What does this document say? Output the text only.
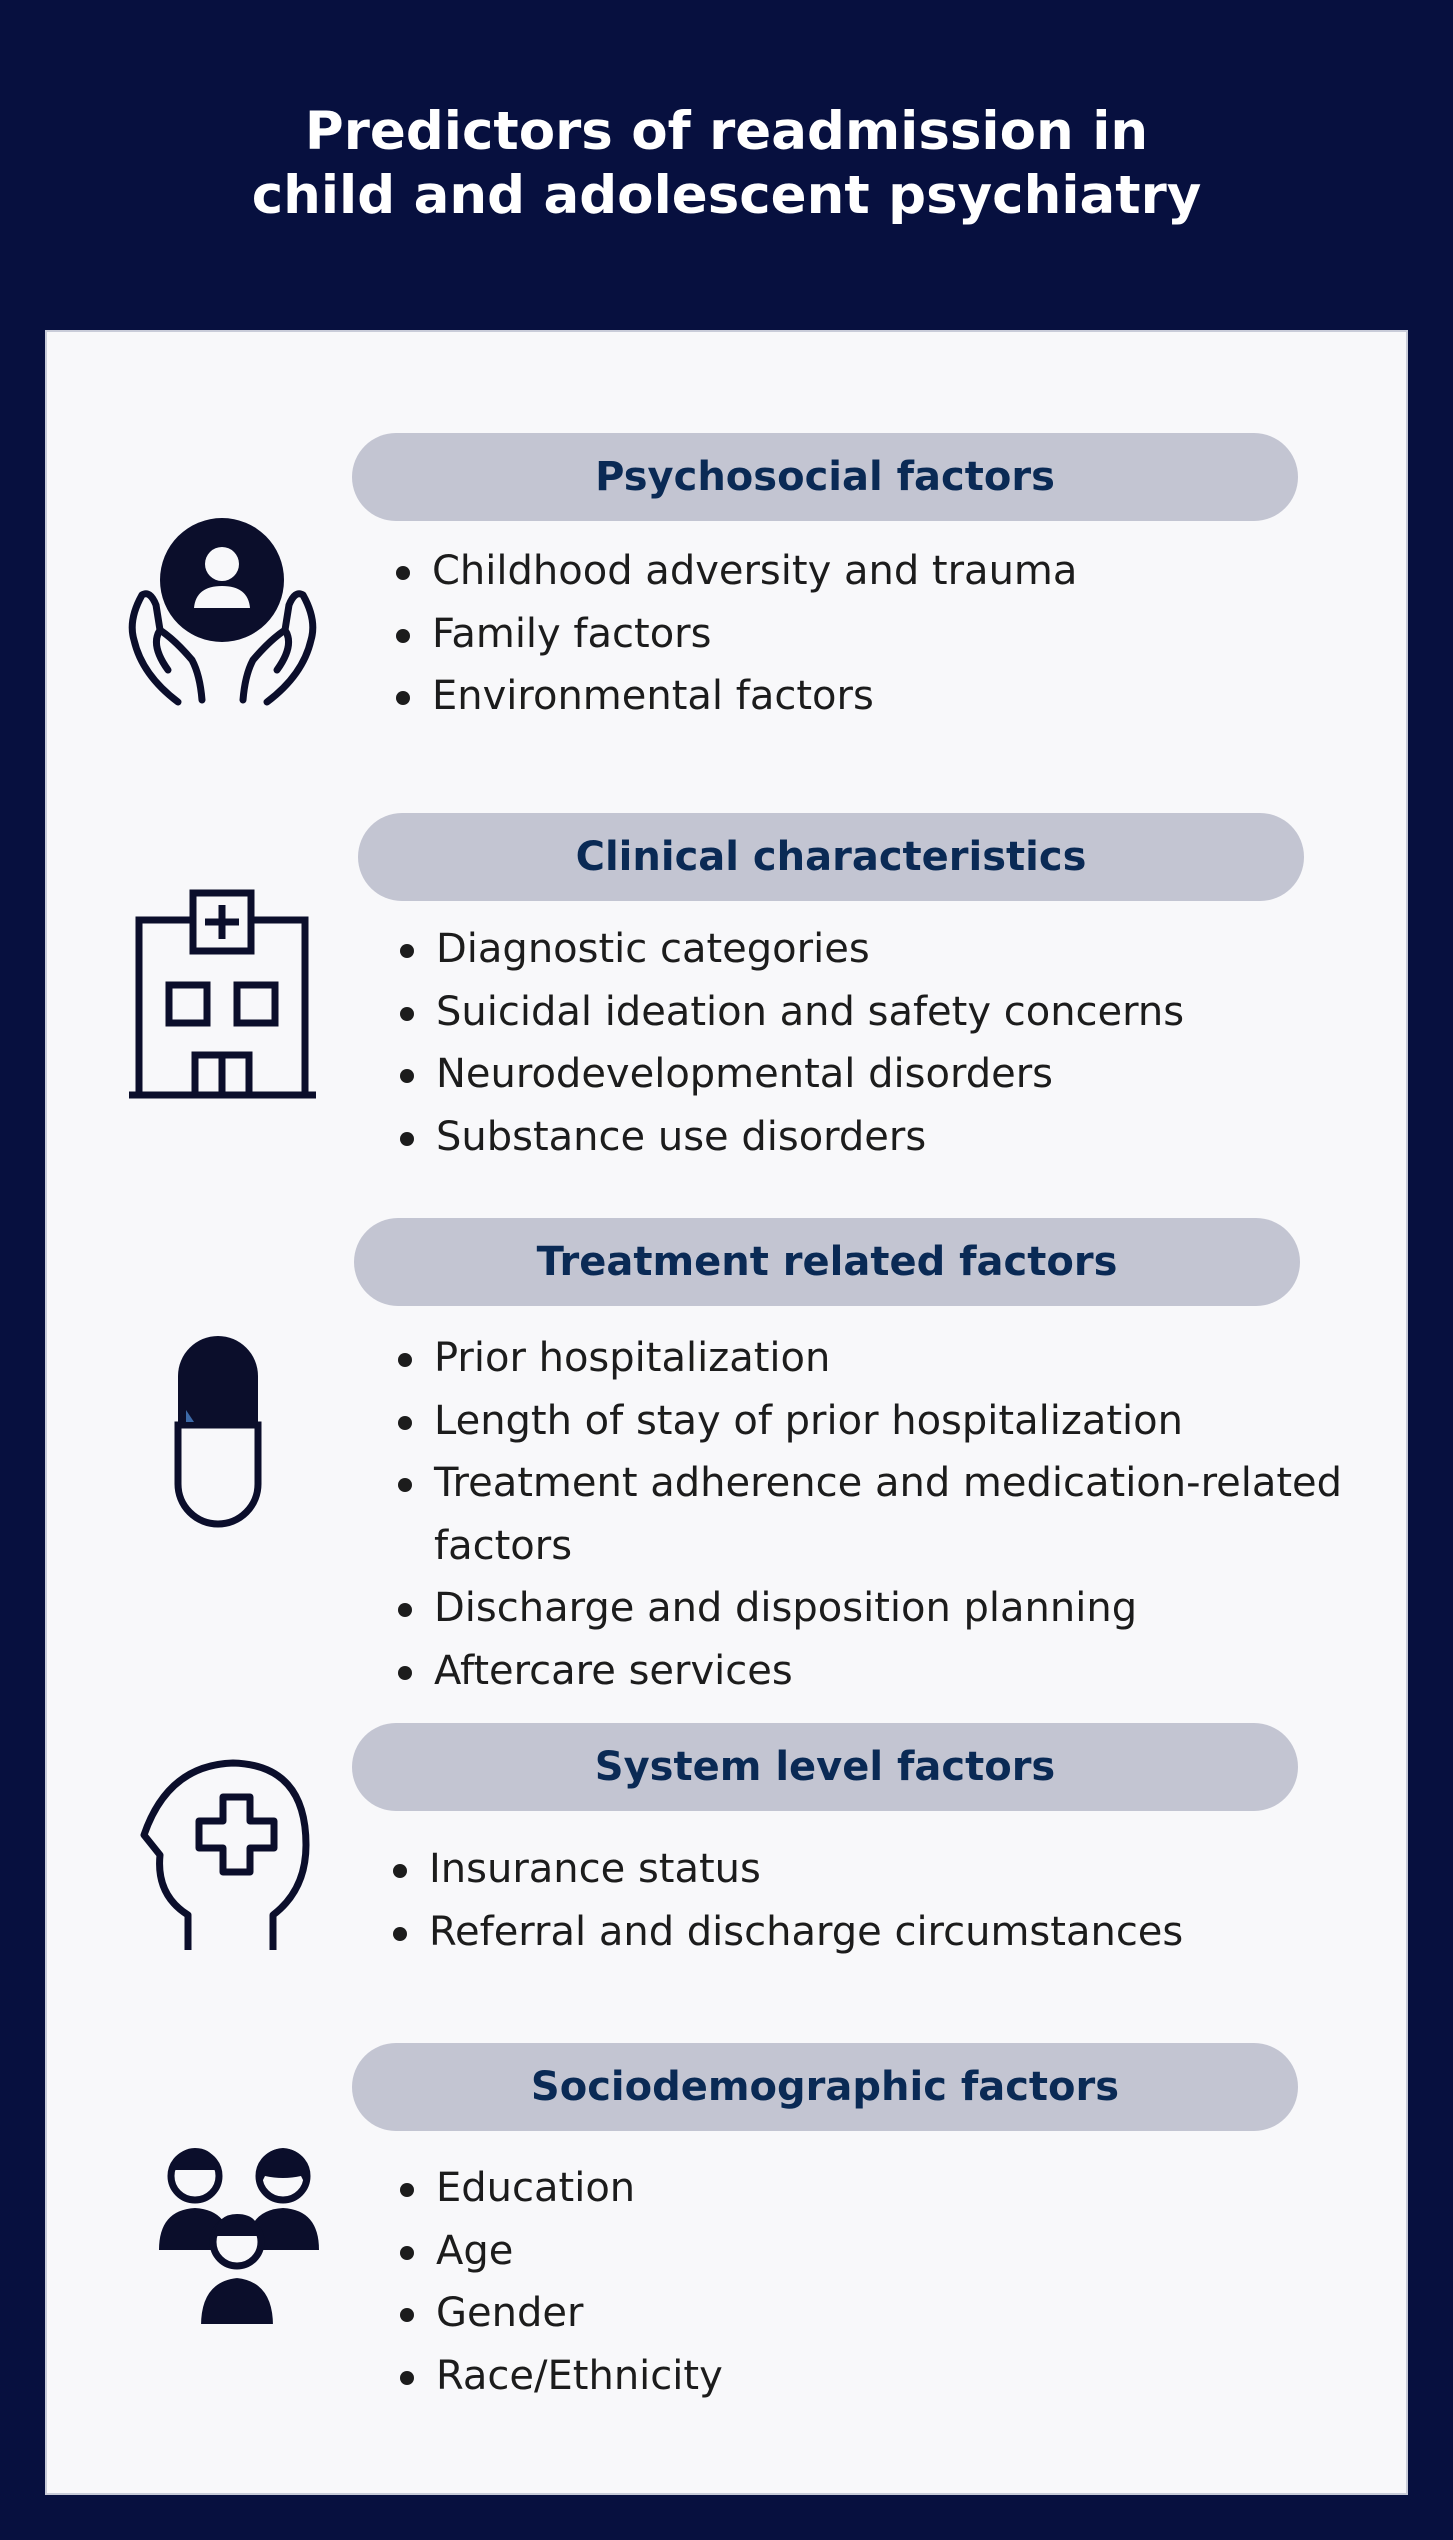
Predictors of readmission in
child and adolescent psychiatry
Psychosocial factors
Childhood adversity and trauma
Family factors
Environmental factors
Clinical characteristics
Diagnostic categories
Suicidal ideation and safety concerns
Neurodevelopmental disorders
Substance use disorders
Treatment related factors
Prior hospitalization
Length of stay of prior hospitalization
Treatment adherence and medication-related factors
Discharge and disposition planning
Aftercare services
System level factors
Insurance status
Referral and discharge circumstances
Sociodemographic factors
Education
Age
Gender
Race/Ethnicity
